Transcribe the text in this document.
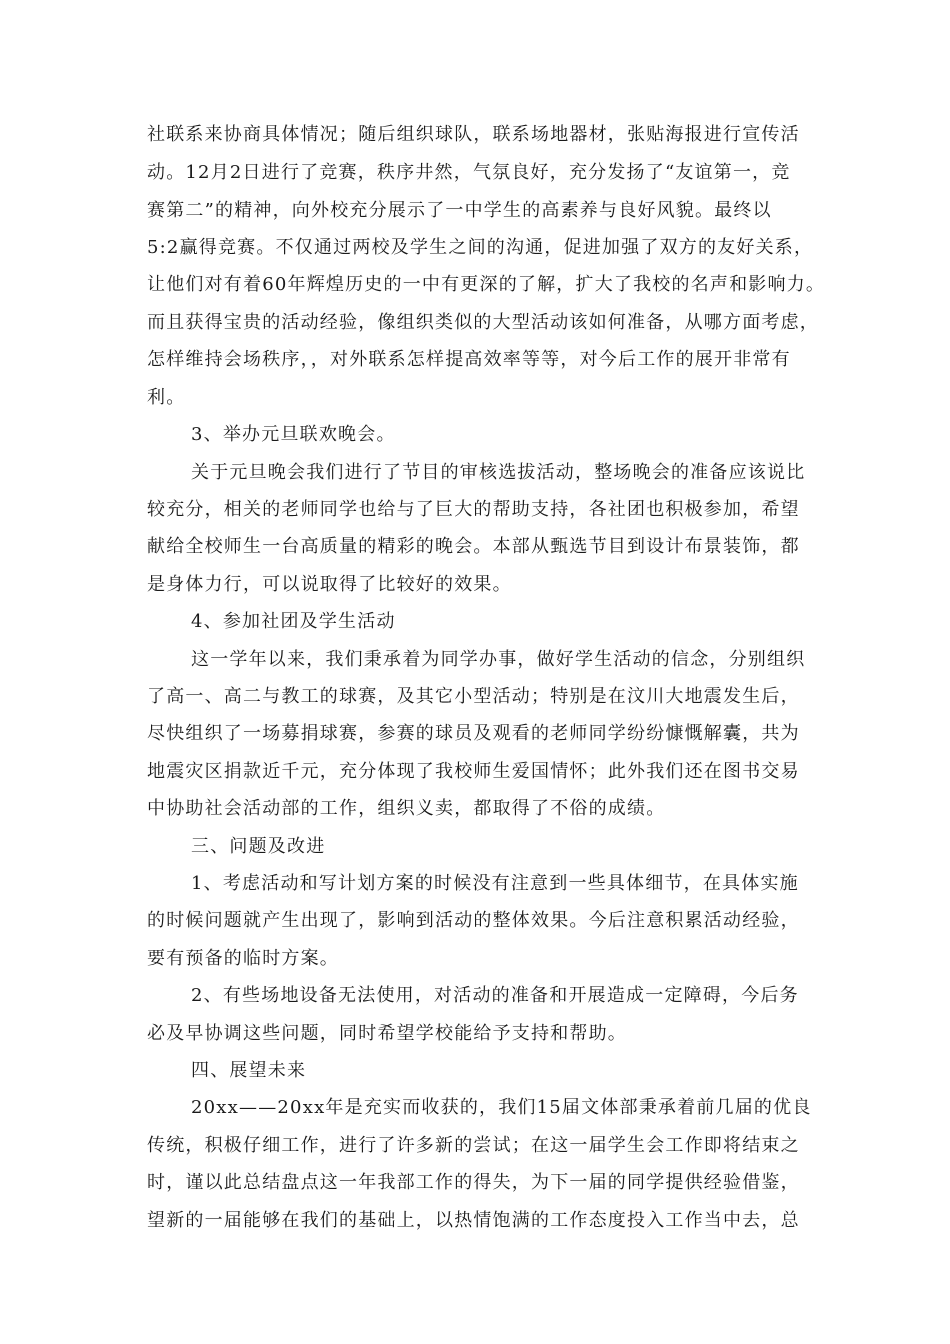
社联系来协商具体情况；随后组织球队，联系场地器材，张贴海报进行宣传活
动。12月2日进行了竞赛，秩序井然，气氛良好，充分发扬了“友谊第一，竞
赛第二”的精神，向外校充分展示了一中学生的高素养与良好风貌。最终以
5:2赢得竞赛。不仅通过两校及学生之间的沟通，促进加强了双方的友好关系，
让他们对有着60年辉煌历史的一中有更深的了解，扩大了我校的名声和影响力。
而且获得宝贵的活动经验，像组织类似的大型活动该如何准备，从哪方面考虑，
怎样维持会场秩序，，对外联系怎样提高效率等等，对今后工作的展开非常有
利。
3、举办元旦联欢晚会。
关于元旦晚会我们进行了节目的审核选拔活动，整场晚会的准备应该说比
较充分，相关的老师同学也给与了巨大的帮助支持，各社团也积极参加，希望
献给全校师生一台高质量的精彩的晚会。本部从甄选节目到设计布景装饰，都
是身体力行，可以说取得了比较好的效果。
4、参加社团及学生活动
这一学年以来，我们秉承着为同学办事，做好学生活动的信念，分别组织
了高一、高二与教工的球赛，及其它小型活动；特别是在汶川大地震发生后，
尽快组织了一场募捐球赛，参赛的球员及观看的老师同学纷纷慷慨解囊，共为
地震灾区捐款近千元，充分体现了我校师生爱国情怀；此外我们还在图书交易
中协助社会活动部的工作，组织义卖，都取得了不俗的成绩。
三、问题及改进
1、考虑活动和写计划方案的时候没有注意到一些具体细节，在具体实施
的时候问题就产生出现了，影响到活动的整体效果。今后注意积累活动经验，
要有预备的临时方案。
2、有些场地设备无法使用，对活动的准备和开展造成一定障碍，今后务
必及早协调这些问题，同时希望学校能给予支持和帮助。
四、展望未来
20xx——20xx年是充实而收获的，我们15届文体部秉承着前几届的优良
传统，积极仔细工作，进行了许多新的尝试；在这一届学生会工作即将结束之
时，谨以此总结盘点这一年我部工作的得失，为下一届的同学提供经验借鉴，
望新的一届能够在我们的基础上，以热情饱满的工作态度投入工作当中去，总
